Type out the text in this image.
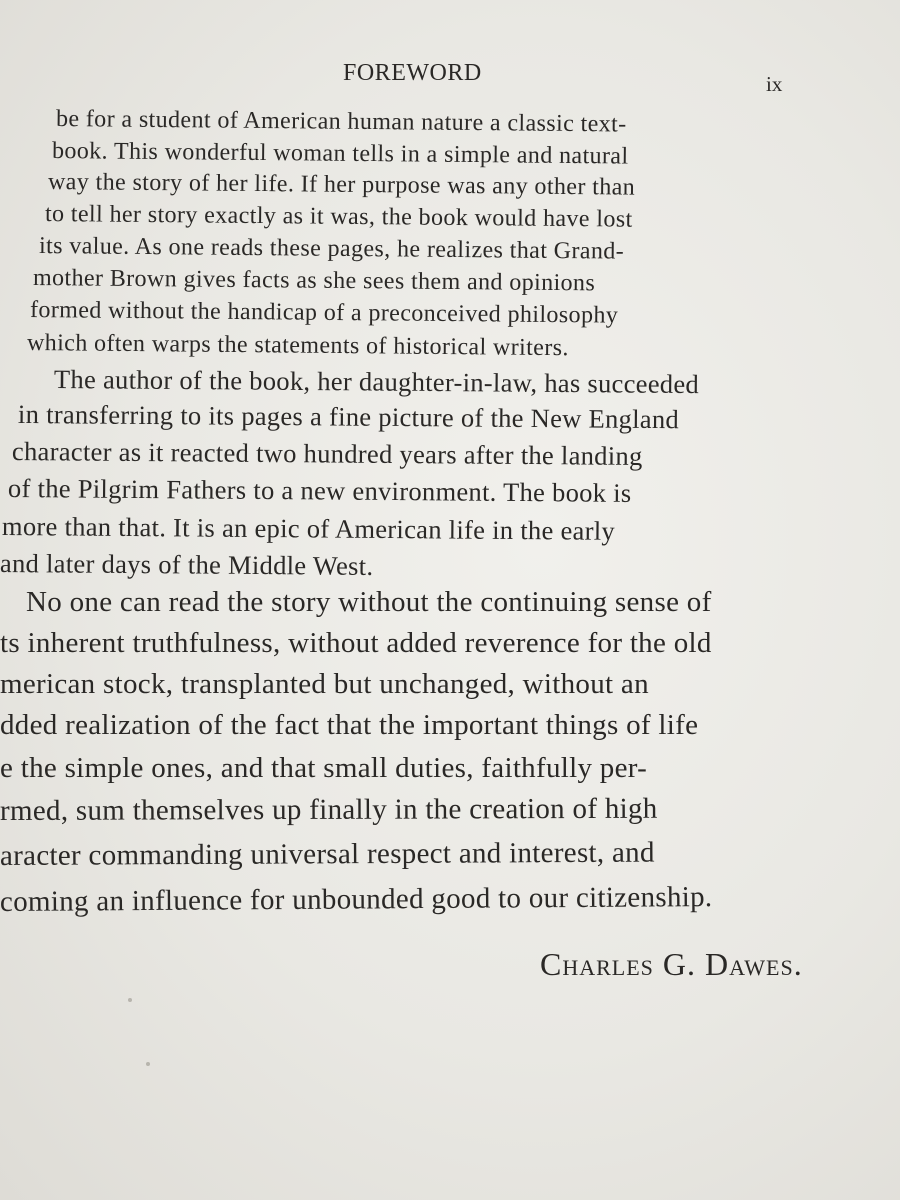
FOREWORD	ix
be for a student of American human nature a classic text-
book. This wonderful woman tells in a simple and natural
way the story of her life. If her purpose was any other than
to tell her story exactly as it was, the book would have lost
its value. As one reads these pages, he realizes that Grand-
mother Brown gives facts as she sees them and opinions
formed without the handicap of a preconceived philosophy
which often warps the statements of historical writers.
The author of the book, her daughter-in-law, has succeeded
in transferring to its pages a fine picture of the New England
character as it reacted two hundred years after the landing
of the Pilgrim Fathers to a new environment. The book is
more than that. It is an epic of American life in the early
and later days of the Middle West.
No one can read the story without the continuing sense of
ts inherent truthfulness, without added reverence for the old
merican stock, transplanted but unchanged, without an
dded realization of the fact that the important things of life
e the simple ones, and that small duties, faithfully per-
rmed, sum themselves up finally in the creation of high
aracter commanding universal respect and interest, and
coming an influence for unbounded good to our citizenship.
Charles G. Dawes.
